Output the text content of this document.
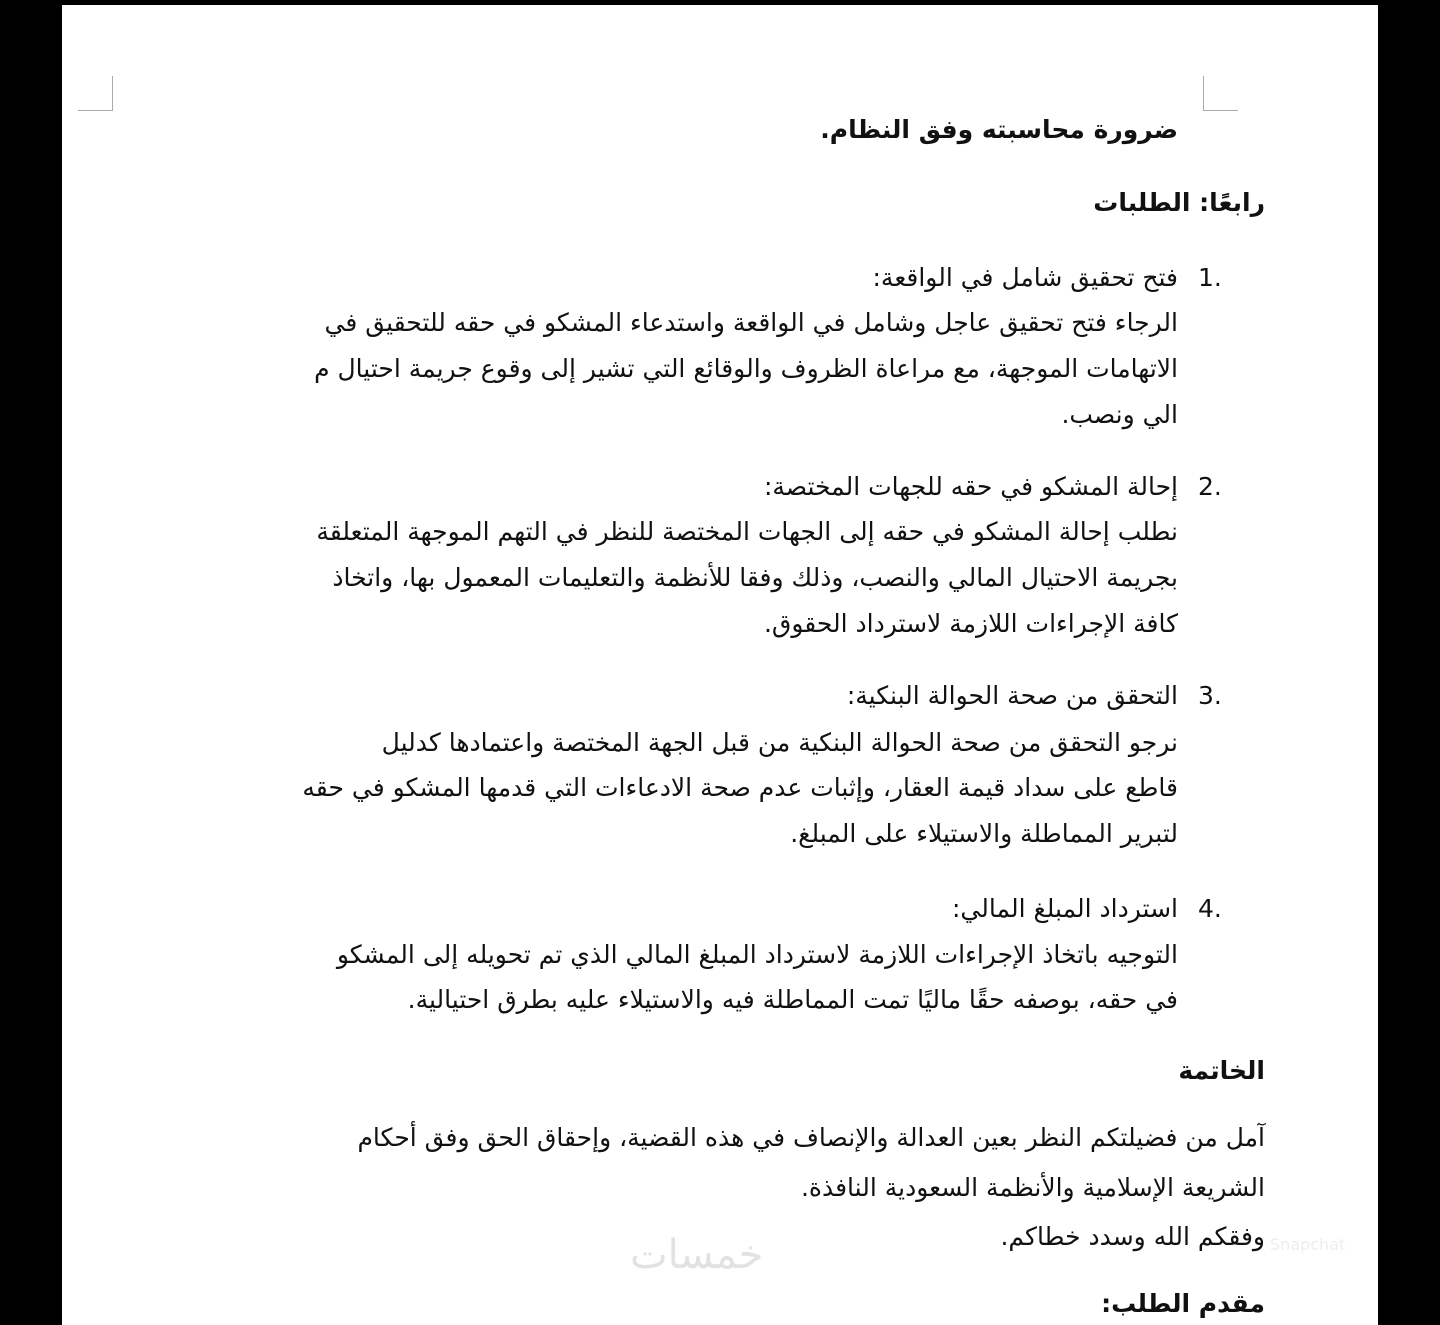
ضرورة محاسبته وفق النظام.
رابعًا: الطلبات
1.
فتح تحقيق شامل في الواقعة:
الرجاء فتح تحقيق عاجل وشامل في الواقعة واستدعاء المشكو في حقه للتحقيق في
الاتهامات الموجهة، مع مراعاة الظروف والوقائع التي تشير إلى وقوع جريمة احتيال م
الي ونصب.
2.
إحالة المشكو في حقه للجهات المختصة:
نطلب إحالة المشكو في حقه إلى الجهات المختصة للنظر في التهم الموجهة المتعلقة
بجريمة الاحتيال المالي والنصب، وذلك وفقا للأنظمة والتعليمات المعمول بها، واتخاذ
كافة الإجراءات اللازمة لاسترداد الحقوق.
3.
التحقق من صحة الحوالة البنكية:
نرجو التحقق من صحة الحوالة البنكية من قبل الجهة المختصة واعتمادها كدليل
قاطع على سداد قيمة العقار، وإثبات عدم صحة الادعاءات التي قدمها المشكو في حقه
لتبرير المماطلة والاستيلاء على المبلغ.
4.
استرداد المبلغ المالي:
التوجيه باتخاذ الإجراءات اللازمة لاسترداد المبلغ المالي الذي تم تحويله إلى المشكو
في حقه، بوصفه حقًا ماليًا تمت المماطلة فيه والاستيلاء عليه بطرق احتيالية.
الخاتمة
آمل من فضيلتكم النظر بعين العدالة والإنصاف في هذه القضية، وإحقاق الحق وفق أحكام
الشريعة الإسلامية والأنظمة السعودية النافذة.
وفقكم الله وسدد خطاكم.
مقدم الطلب:
خمسات	Snapchat
